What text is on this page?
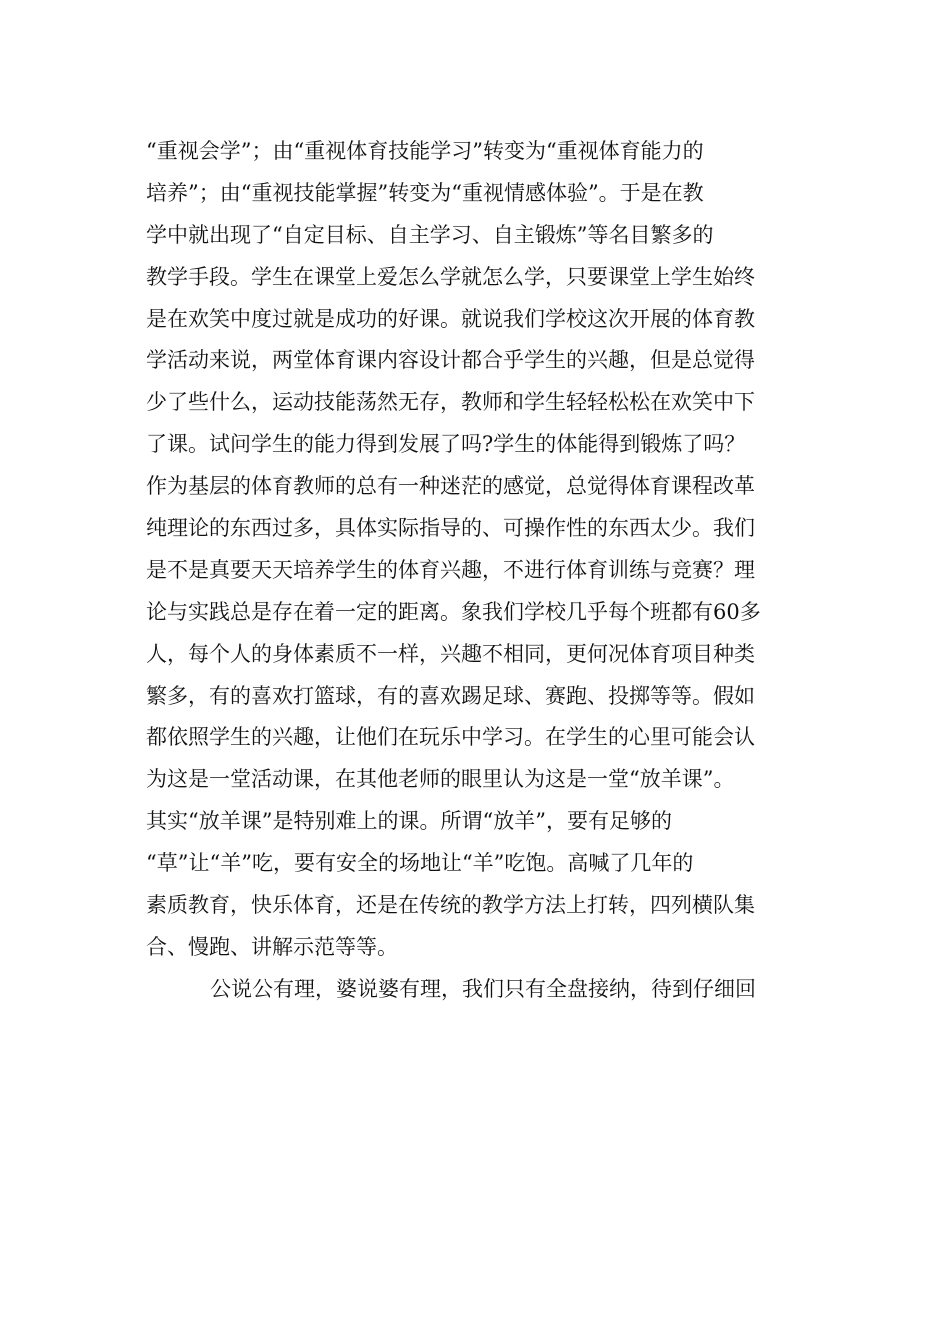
“重视会学”；由“重视体育技能学习”转变为“重视体育能力的
培养”；由“重视技能掌握”转变为“重视情感体验”。于是在教
学中就出现了“自定目标、自主学习、自主锻炼”等名目繁多的
教学手段。学生在课堂上爱怎么学就怎么学，只要课堂上学生始终
是在欢笑中度过就是成功的好课。就说我们学校这次开展的体育教
学活动来说，两堂体育课内容设计都合乎学生的兴趣，但是总觉得
少了些什么，运动技能荡然无存，教师和学生轻轻松松在欢笑中下
了课。试问学生的能力得到发展了吗?学生的体能得到锻炼了吗？
作为基层的体育教师的总有一种迷茫的感觉，总觉得体育课程改革
纯理论的东西过多，具体实际指导的、可操作性的东西太少。我们
是不是真要天天培养学生的体育兴趣，不进行体育训练与竞赛？理
论与实践总是存在着一定的距离。象我们学校几乎每个班都有60多
人，每个人的身体素质不一样，兴趣不相同，更何况体育项目种类
繁多，有的喜欢打篮球，有的喜欢踢足球、赛跑、投掷等等。假如
都依照学生的兴趣，让他们在玩乐中学习。在学生的心里可能会认
为这是一堂活动课，在其他老师的眼里认为这是一堂“放羊课”。
其实“放羊课”是特别难上的课。所谓“放羊”，要有足够的
“草”让“羊”吃，要有安全的场地让“羊”吃饱。高喊了几年的
素质教育，快乐体育，还是在传统的教学方法上打转，四列横队集
合、慢跑、讲解示范等等。
公说公有理，婆说婆有理，我们只有全盘接纳，待到仔细回
